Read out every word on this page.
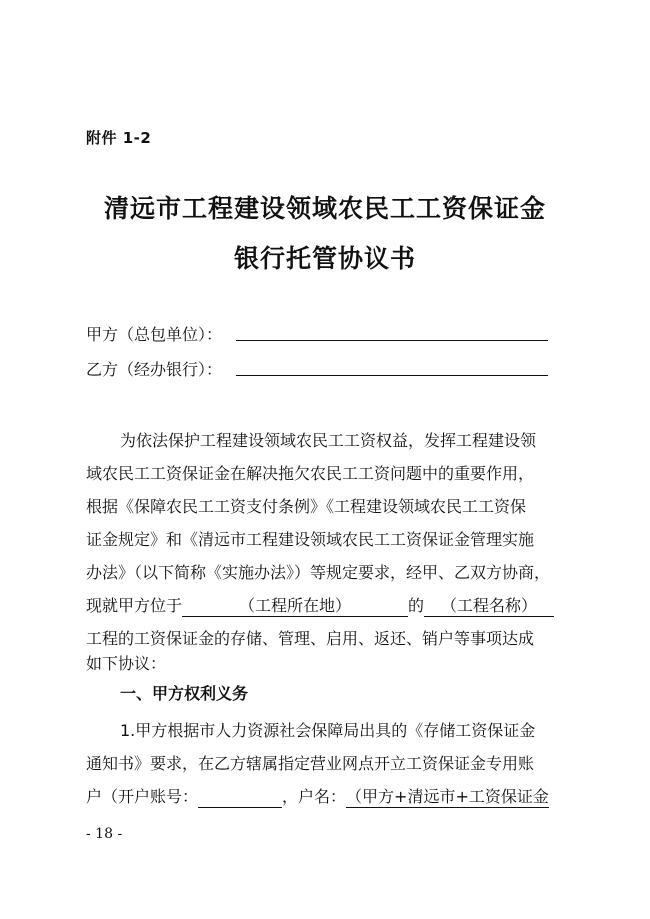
附件 1-2
清远市工程建设领域农民工工资保证金
银行托管协议书
甲方（总包单位）：
乙方（经办银行）：
为依法保护工程建设领域农民工工资权益，发挥工程建设领
域农民工工资保证金在解决拖欠农民工工资问题中的重要作用，
根据《保障农民工工资支付条例》《工程建设领域农民工工资保
证金规定》和《清远市工程建设领域农民工工资保证金管理实施
办法》（以下简称《实施办法》）等规定要求，经甲、乙双方协商，
现就甲方位于	（工程所在地）	的 （工程名称）
工程的工资保证金的存储、管理、启用、返还、销户等事项达成
如下协议：
一、甲方权利义务
1.甲方根据市人力资源社会保障局出具的《存储工资保证金
通知书》要求，在乙方辖属指定营业网点开立工资保证金专用账
户（开户账号：	，户名：（甲方+清远市+工资保证金
- 18 -
